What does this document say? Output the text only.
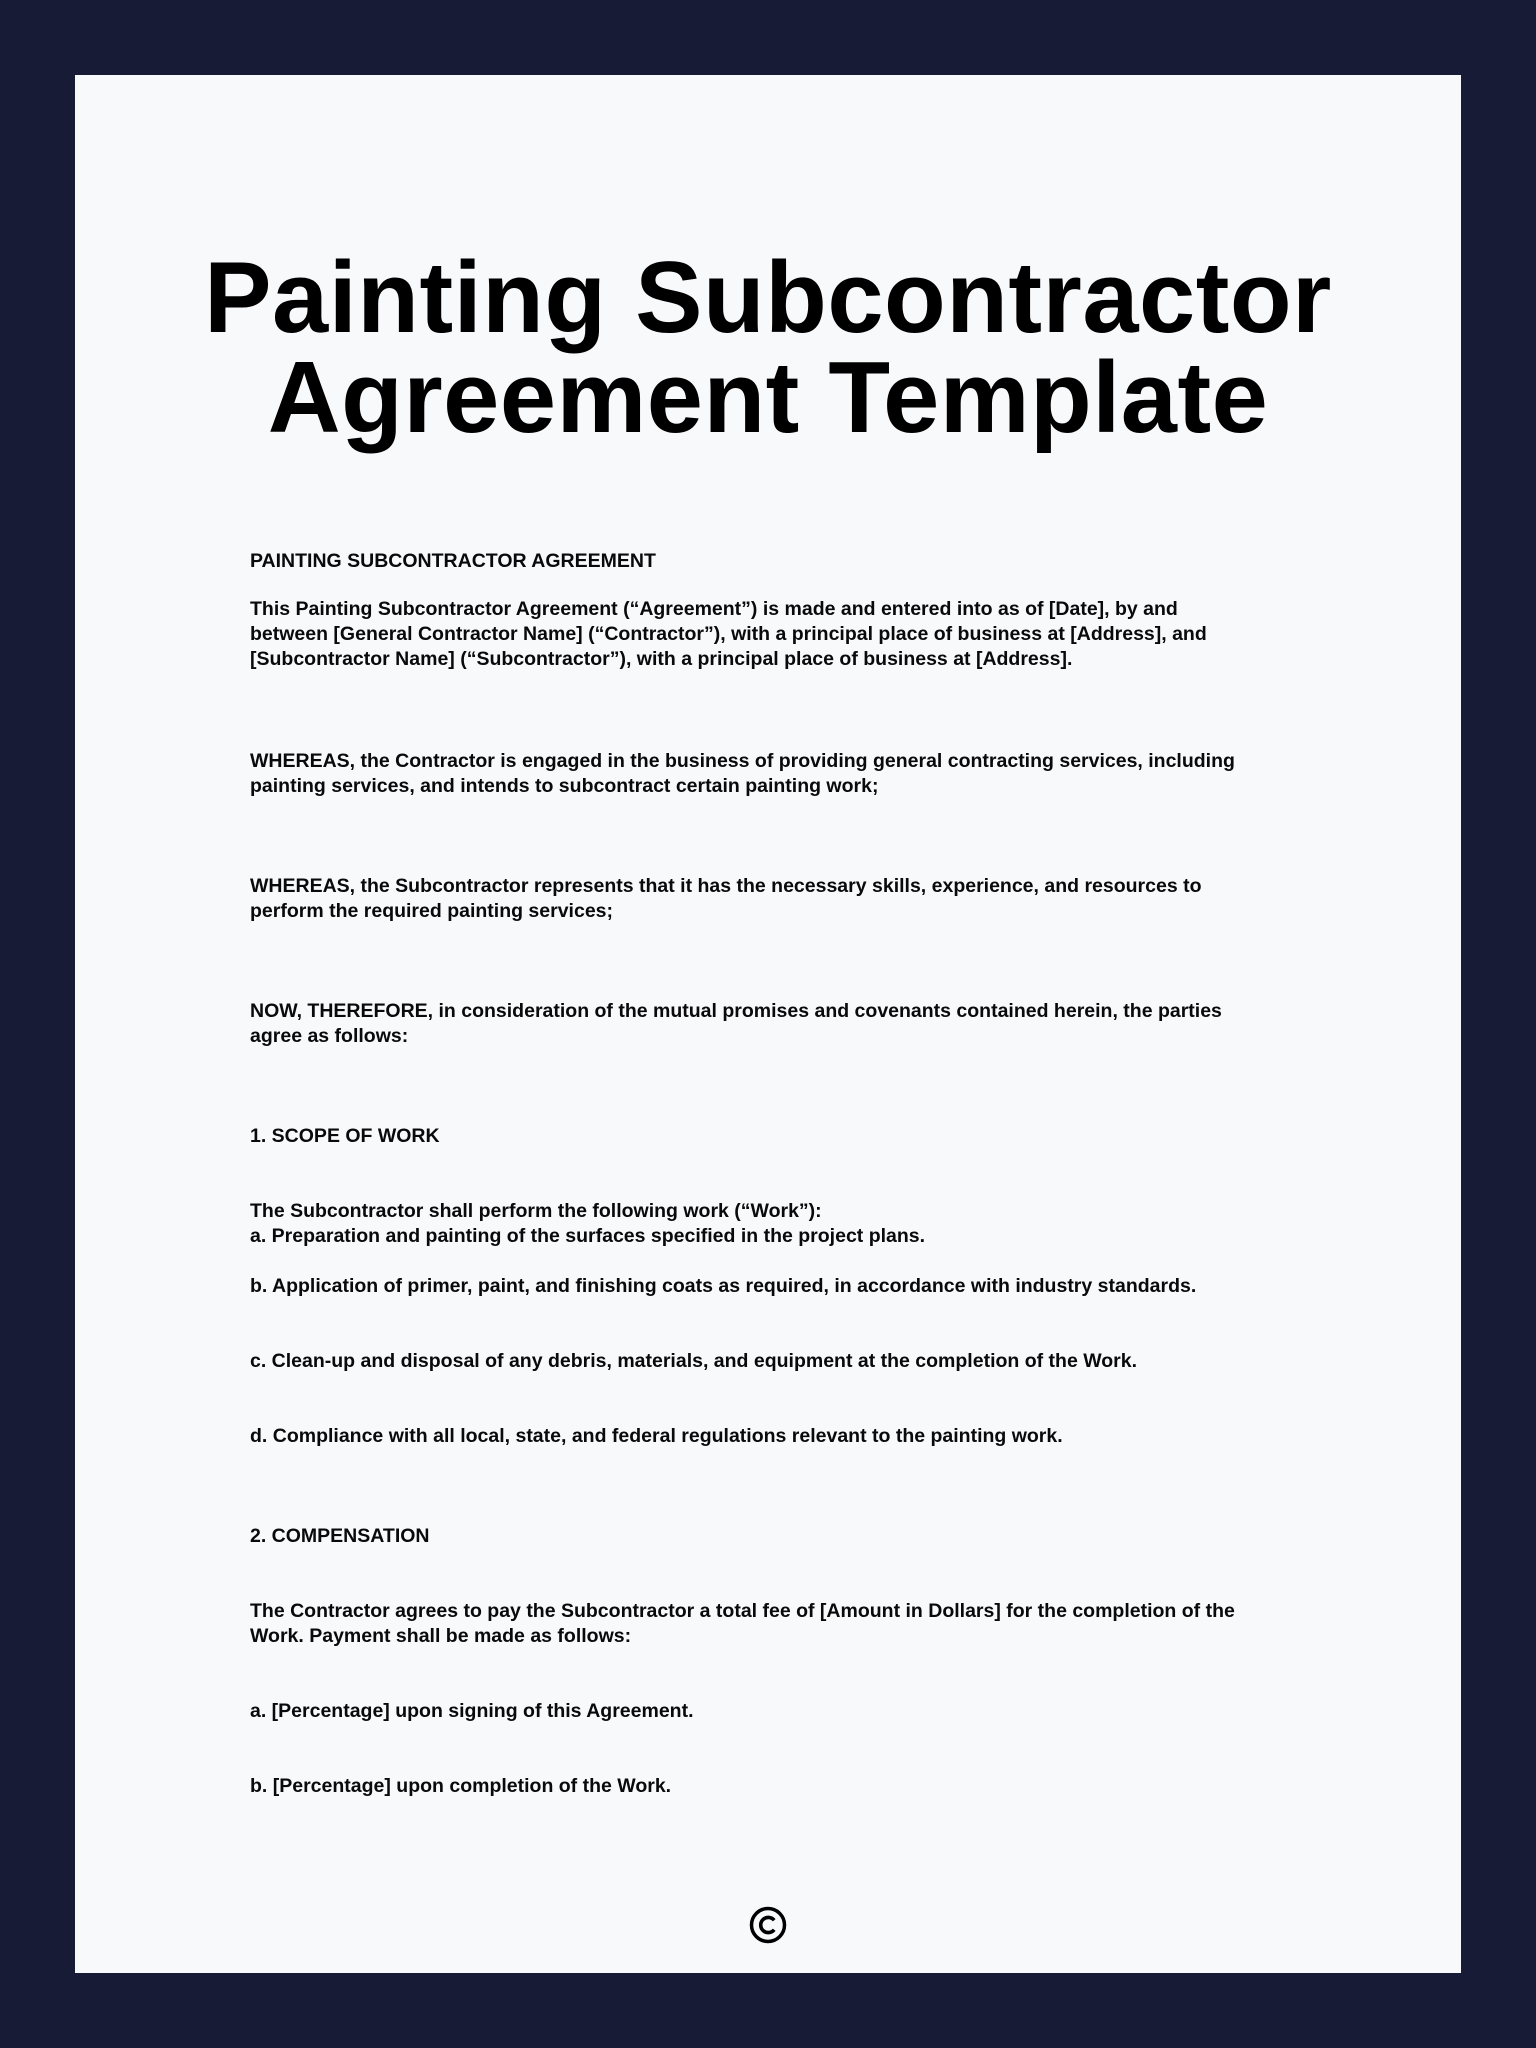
Painting Subcontractor
Agreement Template
PAINTING SUBCONTRACTOR AGREEMENT
This Painting Subcontractor Agreement (“Agreement”) is made and entered into as of [Date], by and
between [General Contractor Name] (“Contractor”), with a principal place of business at [Address], and
[Subcontractor Name] (“Subcontractor”), with a principal place of business at [Address].
WHEREAS, the Contractor is engaged in the business of providing general contracting services, including
painting services, and intends to subcontract certain painting work;
WHEREAS, the Subcontractor represents that it has the necessary skills, experience, and resources to
perform the required painting services;
NOW, THEREFORE, in consideration of the mutual promises and covenants contained herein, the parties
agree as follows:
1. SCOPE OF WORK
The Subcontractor shall perform the following work (“Work”):
a. Preparation and painting of the surfaces specified in the project plans.
b. Application of primer, paint, and finishing coats as required, in accordance with industry standards.
c. Clean-up and disposal of any debris, materials, and equipment at the completion of the Work.
d. Compliance with all local, state, and federal regulations relevant to the painting work.
2. COMPENSATION
The Contractor agrees to pay the Subcontractor a total fee of [Amount in Dollars] for the completion of the
Work. Payment shall be made as follows:
a. [Percentage] upon signing of this Agreement.
b. [Percentage] upon completion of the Work.
